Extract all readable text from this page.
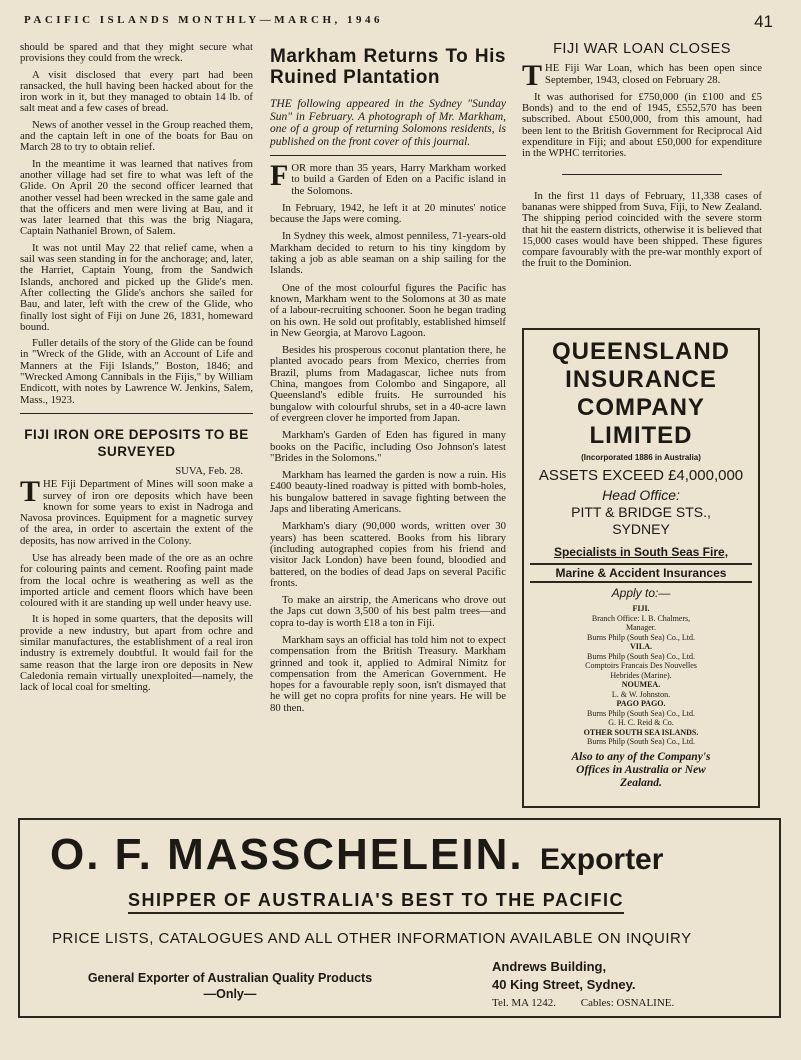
PACIFIC ISLANDS MONTHLY—MARCH, 1946	41

should be spared and that they might secure what provisions they could from the wreck.

A visit disclosed that every part had been ransacked, the hull having been hacked about for the iron work in it, but they managed to obtain 14 lb. of salt meat and a few cases of bread.

News of another vessel in the Group reached them, and the captain left in one of the boats for Bau on March 28 to try to obtain relief.

In the meantime it was learned that natives from another village had set fire to what was left of the Glide. On April 20 the second officer learned that another vessel had been wrecked in the same gale and that the officers and men were living at Bau, and it was later learned that this was the brig Niagara, Captain Nathaniel Brown, of Salem.

It was not until May 22 that relief came, when a sail was seen standing in for the anchorage; and, later, the Harriet, Captain Young, from the Sandwich Islands, anchored and picked up the Glide's men. After collecting the Glide's anchors she sailed for Bau, and later, left with the crew of the Glide, who finally lost sight of Fiji on June 26, 1831, homeward bound.

Fuller details of the story of the Glide can be found in "Wreck of the Glide, with an Account of Life and Manners at the Fiji Islands," Boston, 1846; and "Wrecked Among Cannibals in the Fijis," by William Endicott, with notes by Lawrence W. Jenkins, Salem, Mass., 1923.

FIJI IRON ORE DEPOSITS TO BE SURVEYED
SUVA, Feb. 28.

THE Fiji Department of Mines will soon make a survey of iron ore deposits which have been known for some years to exist in Nadroga and Navosa provinces. Equipment for a magnetic survey of the area, in order to ascertain the extent of the deposits, has now arrived in the Colony.

Use has already been made of the ore as an ochre for colouring paints and cement. Roofing paint made from the local ochre is weathering as well as the imported article and cement floors which have been coloured with it are standing up well under heavy use.

It is hoped in some quarters, that the deposits will provide a new industry, but apart from ochre and similar manufactures, the establishment of a real iron industry is extremely doubtful. It would fail for the same reason that the large iron ore deposits in New Caledonia remain virtually unexploited—namely, the lack of local coal for smelting.

Markham Returns To His Ruined Plantation

THE following appeared in the Sydney "Sunday Sun" in February. A photograph of Mr. Markham, one of a group of returning Solomons residents, is published on the front cover of this journal.

FOR more than 35 years, Harry Markham worked to build a Garden of Eden on a Pacific island in the Solomons.

In February, 1942, he left it at 20 minutes' notice because the Japs were coming.

In Sydney this week, almost penniless, 71-years-old Markham decided to return to his tiny kingdom by taking a job as able seaman on a ship sailing for the Islands.

One of the most colourful figures the Pacific has known, Markham went to the Solomons at 30 as mate of a labour-recruiting schooner. Soon he began trading on his own. He sold out profitably, established himself in New Georgia, at Marovo Lagoon.

Besides his prosperous coconut plantation there, he planted avocado pears from Mexico, cherries from Brazil, plums from Madagascar, lichee nuts from China, mangoes from Colombo and Singapore, all Queensland's edible fruits. He surrounded his bungalow with colourful shrubs, set in a 40-acre lawn of evergreen clover he imported from Japan.

Markham's Garden of Eden has figured in many books on the Pacific, including Oso Johnson's latest "Brides in the Solomons."

Markham has learned the garden is now a ruin. His £400 beauty-lined roadway is pitted with bomb-holes, his bungalow battered in savage fighting between the Japs and liberating Americans.

Markham's diary (90,000 words, written over 30 years) has been scattered. Books from his library (including autographed copies from his friend and visitor Jack London) have been found, bloodied and battered, on the bodies of dead Japs on several Pacific fronts.

To make an airstrip, the Americans who drove out the Japs cut down 3,500 of his best palm trees—and copra to-day is worth £18 a ton in Fiji.

Markham says an official has told him not to expect compensation from the British Treasury. Markham grinned and took it, applied to Admiral Nimitz for compensation from the American Government. He hopes for a favourable reply soon, isn't dismayed that he will get no copra profits for nine years. He will be 80 then.

FIJI WAR LOAN CLOSES

THE Fiji War Loan, which has been open since September, 1943, closed on February 28.

It was authorised for £750,000 (in £100 and £5 Bonds) and to the end of 1945, £552,570 has been subscribed. About £500,000, from this amount, had been lent to the British Government for Reciprocal Aid expenditure in Fiji; and about £50,000 for expenditure in the WPHC territories.

In the first 11 days of February, 11,338 cases of bananas were shipped from Suva, Fiji, to New Zealand. The shipping period coincided with the severe storm that hit the eastern districts, otherwise it is believed that 15,000 cases would have been shipped. These figures compare favourably with the pre-war monthly export of the fruit to the Dominion.

QUEENSLAND
INSURANCE
COMPANY
LIMITED
(Incorporated 1886 in Australia)
ASSETS EXCEED £4,000,000
Head Office:
PITT & BRIDGE STS.,
SYDNEY
Specialists in South Seas Fire,
Marine & Accident Insurances
Apply to:—
FIJI.
Branch Office: I. B. Chalmers,
Manager.
Burns Philp (South Sea) Co., Ltd.
VILA.
Burns Philp (South Sea) Co., Ltd.
Comptoirs Francais Des Nouvelles
Hebrides (Marine).
NOUMEA.
L. & W. Johnston.
PAGO PAGO.
Burns Philp (South Sea) Co., Ltd.
G. H. C. Reid & Co.
OTHER SOUTH SEA ISLANDS.
Burns Philp (South Sea) Co., Ltd.
Also to any of the Company's
Offices in Australia or New
Zealand.
O. F. MASSCHELEIN. Exporter
SHIPPER OF AUSTRALIA'S BEST TO THE PACIFIC
PRICE LISTS, CATALOGUES AND ALL OTHER INFORMATION AVAILABLE ON INQUIRY
General Exporter of Australian Quality Products
—Only—
Andrews Building,
40 King Street, Sydney.
Tel. MA 1242. Cables: OSNALINE.
